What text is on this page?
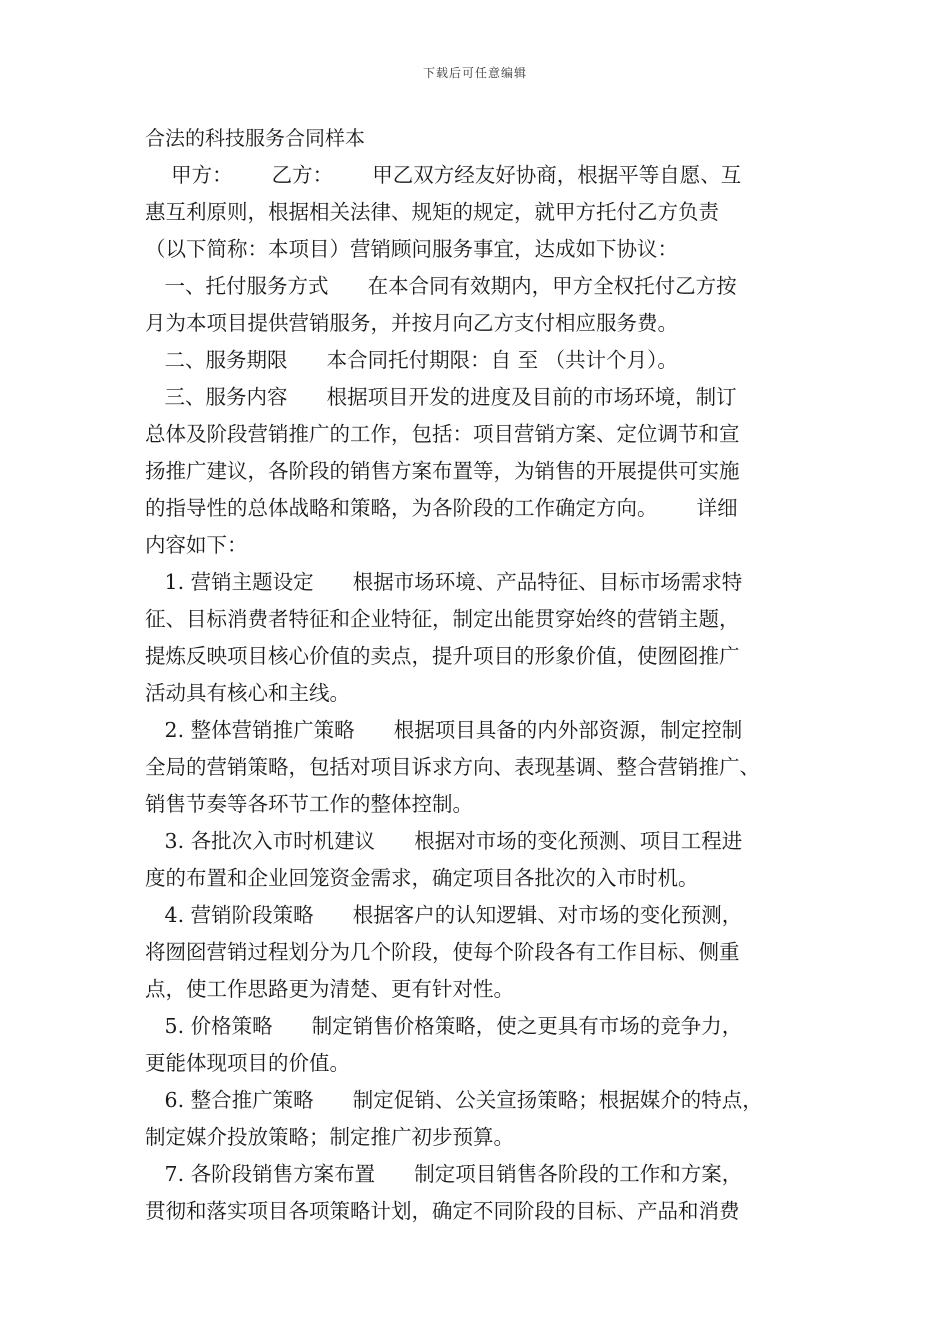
下载后可任意编辑
合法的科技服务合同样本
甲方：      乙方：      甲乙双方经友好协商，根据平等自愿、互
惠互利原则，根据相关法律、规矩的规定，就甲方托付乙方负责
（以下简称：本项目）营销顾问服务事宜，达成如下协议：
一、托付服务方式      在本合同有效期内，甲方全权托付乙方按
月为本项目提供营销服务，并按月向乙方支付相应服务费。
二、服务期限      本合同托付期限：自 至 （共计个月）。
三、服务内容      根据项目开发的进度及目前的市场环境，制订
总体及阶段营销推广的工作，包括：项目营销方案、定位调节和宣
扬推广建议，各阶段的销售方案布置等，为销售的开展提供可实施
的指导性的总体战略和策略，为各阶段的工作确定方向。      详细
内容如下：
1. 营销主题设定      根据市场环境、产品特征、目标市场需求特
征、目标消费者特征和企业特征，制定出能贯穿始终的营销主题，
提炼反映项目核心价值的卖点，提升项目的形象价值，使囫囵推广
活动具有核心和主线。
2. 整体营销推广策略      根据项目具备的内外部资源，制定控制
全局的营销策略，包括对项目诉求方向、表现基调、整合营销推广、
销售节奏等各环节工作的整体控制。
3. 各批次入市时机建议      根据对市场的变化预测、项目工程进
度的布置和企业回笼资金需求，确定项目各批次的入市时机。
4. 营销阶段策略      根据客户的认知逻辑、对市场的变化预测，
将囫囵营销过程划分为几个阶段，使每个阶段各有工作目标、侧重
点，使工作思路更为清楚、更有针对性。
5. 价格策略      制定销售价格策略，使之更具有市场的竞争力，
更能体现项目的价值。
6. 整合推广策略      制定促销、公关宣扬策略；根据媒介的特点，
制定媒介投放策略；制定推广初步预算。
7. 各阶段销售方案布置      制定项目销售各阶段的工作和方案，
贯彻和落实项目各项策略计划，确定不同阶段的目标、产品和消费
